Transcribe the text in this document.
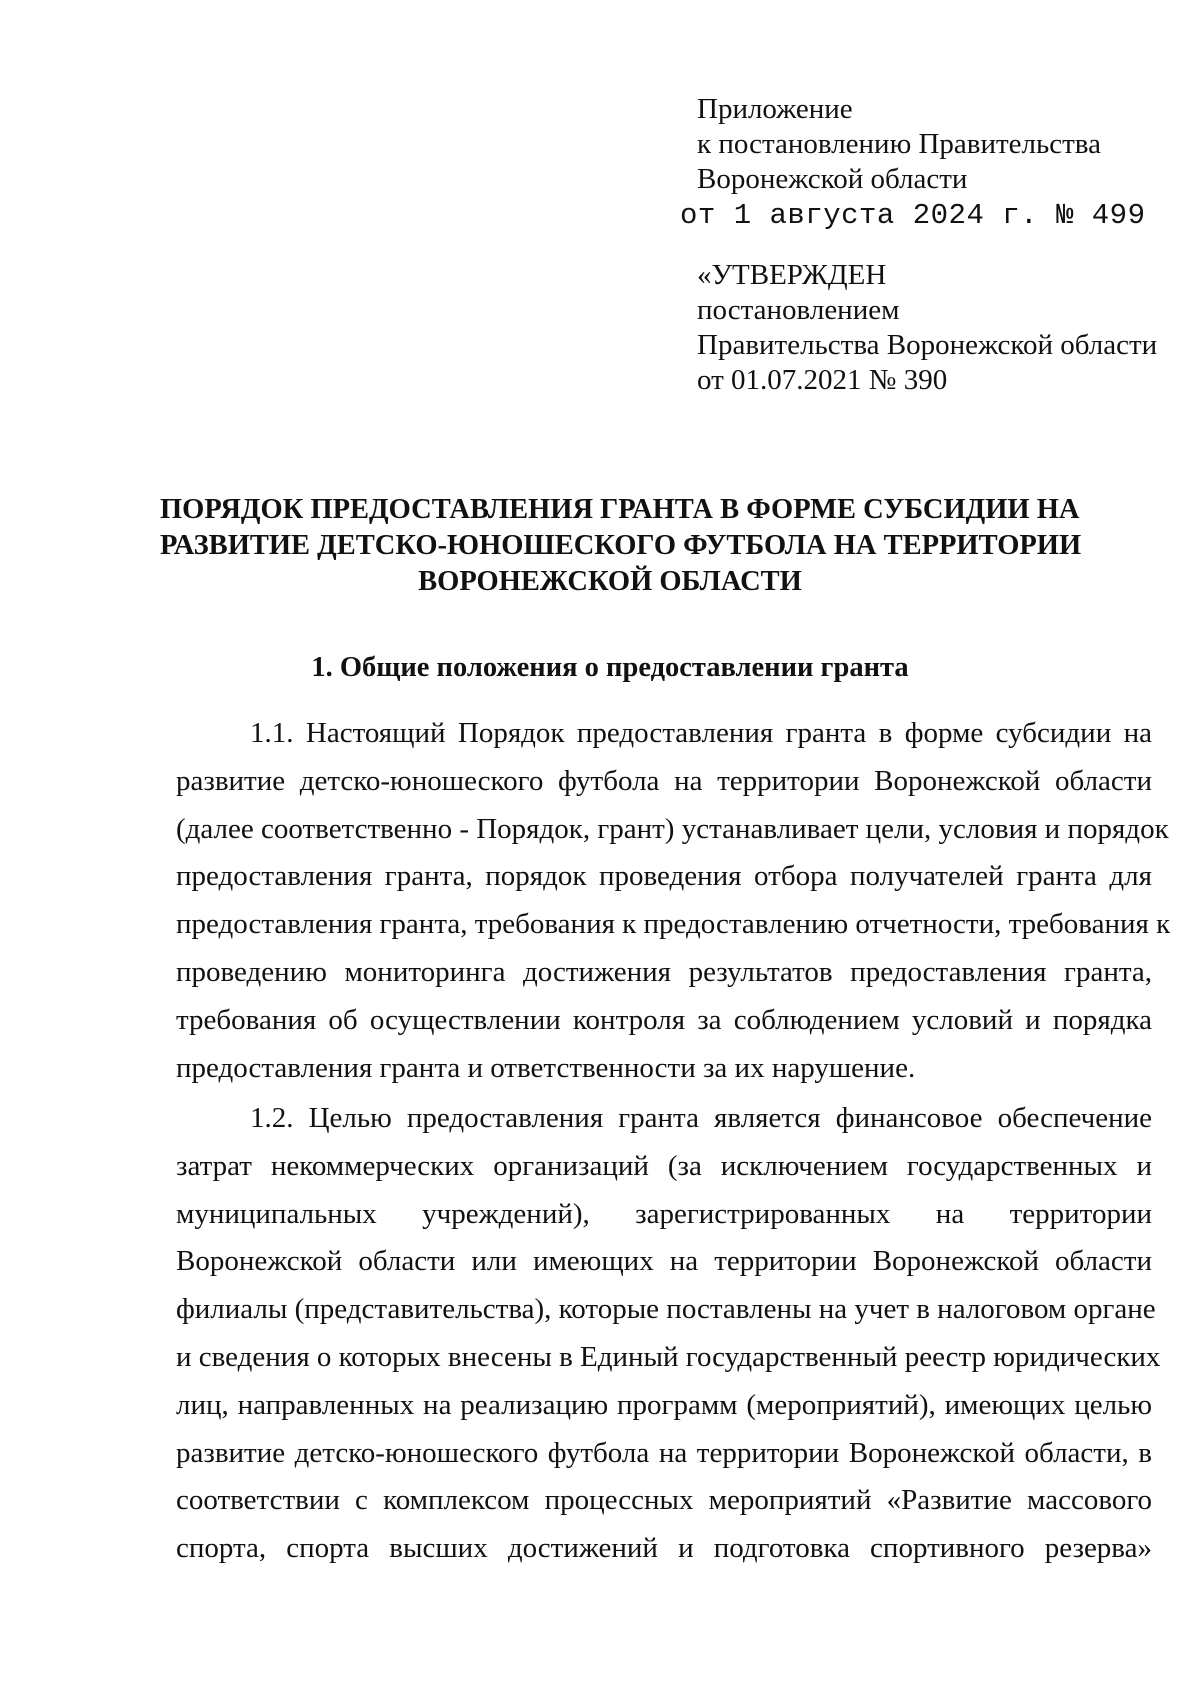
Приложение
к постановлению Правительства
Воронежской области
от 1 августа 2024 г. № 499
«УТВЕРЖДЕН
постановлением
Правительства Воронежской области
от 01.07.2021 № 390
ПОРЯДОК ПРЕДОСТАВЛЕНИЯ ГРАНТА В ФОРМЕ СУБСИДИИ НА
РАЗВИТИЕ ДЕТСКО-ЮНОШЕСКОГО ФУТБОЛА НА ТЕРРИТОРИИ
ВОРОНЕЖСКОЙ ОБЛАСТИ
1. Общие положения о предоставлении гранта
1.1. Настоящий Порядок предоставления гранта в форме субсидии на
развитие детско-юношеского футбола на территории Воронежской области
(далее соответственно - Порядок, грант) устанавливает цели, условия и порядок
предоставления гранта, порядок проведения отбора получателей гранта для
предоставления гранта, требования к предоставлению отчетности, требования к
проведению мониторинга достижения результатов предоставления гранта,
требования об осуществлении контроля за соблюдением условий и порядка
предоставления гранта и ответственности за их нарушение.
1.2. Целью предоставления гранта является финансовое обеспечение
затрат некоммерческих организаций (за исключением государственных и
муниципальных учреждений), зарегистрированных на территории
Воронежской области или имеющих на территории Воронежской области
филиалы (представительства), которые поставлены на учет в налоговом органе
и сведения о которых внесены в Единый государственный реестр юридических
лиц, направленных на реализацию программ (мероприятий), имеющих целью
развитие детско-юношеского футбола на территории Воронежской области, в
соответствии с комплексом процессных мероприятий «Развитие массового
спорта, спорта высших достижений и подготовка спортивного резерва»
